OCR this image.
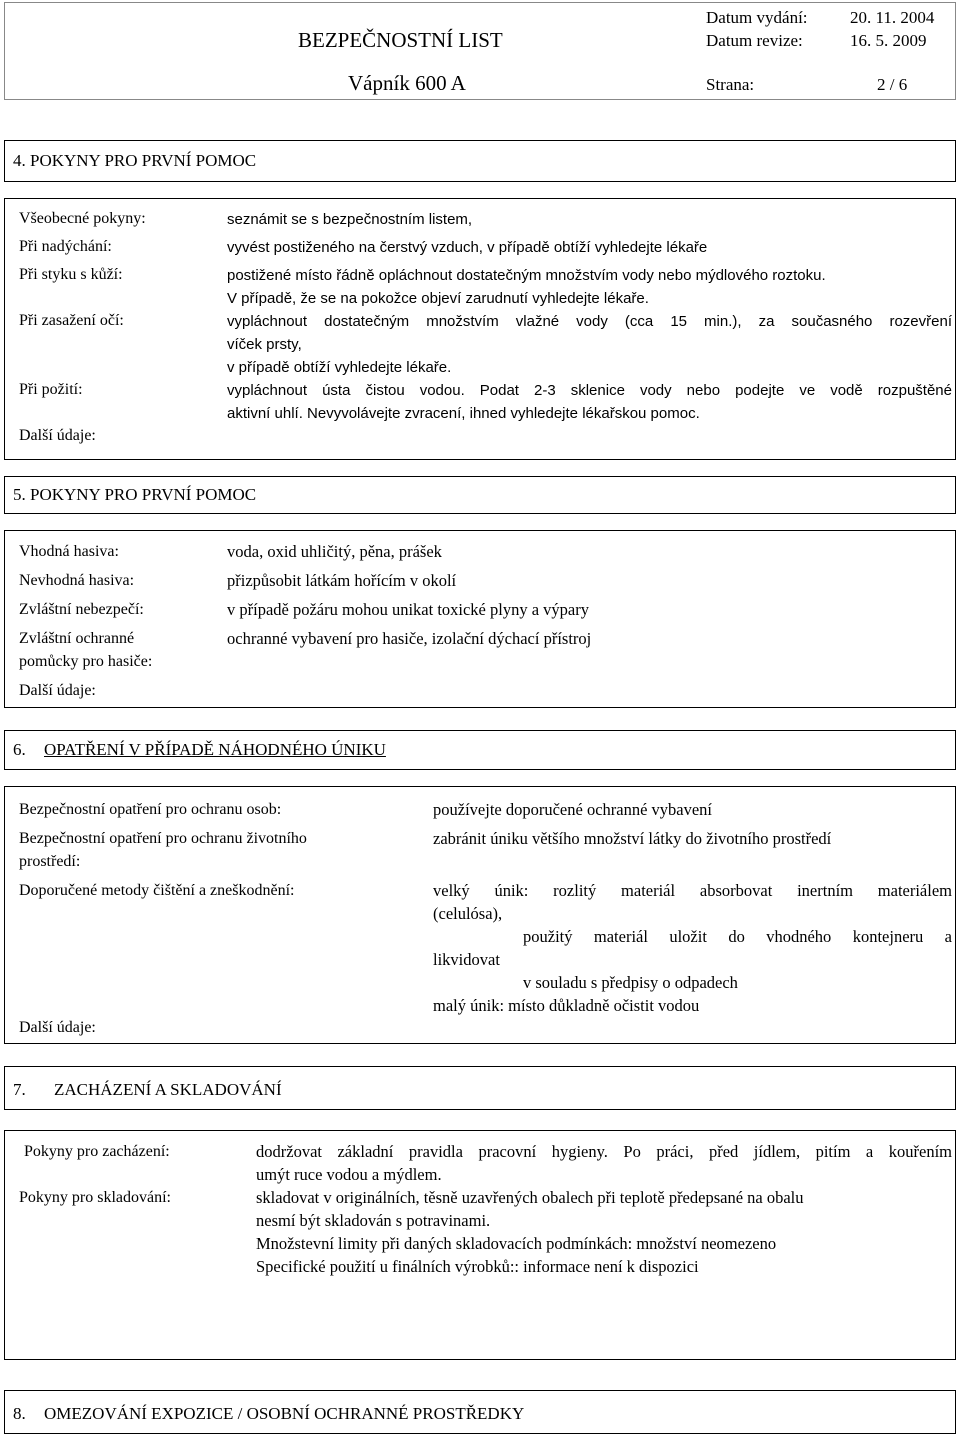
BEZPEČNOSTNÍ LIST
Vápník 600 A
Datum vydání: 20. 11. 2004
Datum revize:	16. 5. 2009
Strana:	2 / 6
4. POKYNY PRO PRVNÍ POMOC
Všeobecné pokyny:
Při nadýchání:
Při styku s kůží:
Při zasažení očí:
Při požití:
Další údaje:
seznámit se s bezpečnostním listem,
vyvést postiženého na čerstvý vzduch, v případě obtíží vyhledejte lékaře
postižené místo řádně opláchnout dostatečným množstvím vody nebo mýdlového roztoku.
V případě, že se na pokožce objeví zarudnutí vyhledejte lékaře.
vypláchnout dostatečným množstvím vlažné vody (cca 15 min.), za současného rozevření
víček prsty,
v případě obtíží vyhledejte lékaře.
vypláchnout ústa čistou vodou. Podat 2-3 sklenice vody nebo podejte ve vodě rozpuštěné
aktivní uhlí. Nevyvolávejte zvracení, ihned vyhledejte lékařskou pomoc.
5. POKYNY PRO PRVNÍ POMOC
Vhodná hasiva:
Nevhodná hasiva:
Zvláštní nebezpečí:
Zvláštní ochranné
pomůcky pro hasiče:
Další údaje:
voda, oxid uhličitý, pěna, prášek
přizpůsobit látkám hořícím v okolí
v případě požáru mohou unikat toxické plyny a výpary
ochranné vybavení pro hasiče, izolační dýchací přístroj
6. OPATŘENÍ V PŘÍPADĚ NÁHODNÉHO ÚNIKU
Bezpečnostní opatření pro ochranu osob:
Bezpečnostní opatření pro ochranu životního
prostředí:
Doporučené metody čištění a zneškodnění:
Další údaje:
používejte doporučené ochranné vybavení
zabránit úniku většího množství látky do životního prostředí
velký únik: rozlitý materiál absorbovat inertním materiálem
(celulósa),
použitý materiál uložit do vhodného kontejneru a
likvidovat
v souladu s předpisy o odpadech
malý únik: místo důkladně očistit vodou
7. ZACHÁZENÍ A SKLADOVÁNÍ
Pokyny pro zacházení:
Pokyny pro skladování:
dodržovat základní pravidla pracovní hygieny. Po práci, před jídlem, pitím a kouřením
umýt ruce vodou a mýdlem.
skladovat v originálních, těsně uzavřených obalech při teplotě předepsané na obalu
nesmí být skladován s potravinami.
Množstevní limity při daných skladovacích podmínkách: množství neomezeno
Specifické použití u finálních výrobků:: informace není k dispozici
8. OMEZOVÁNÍ EXPOZICE / OSOBNÍ OCHRANNÉ PROSTŘEDKY
